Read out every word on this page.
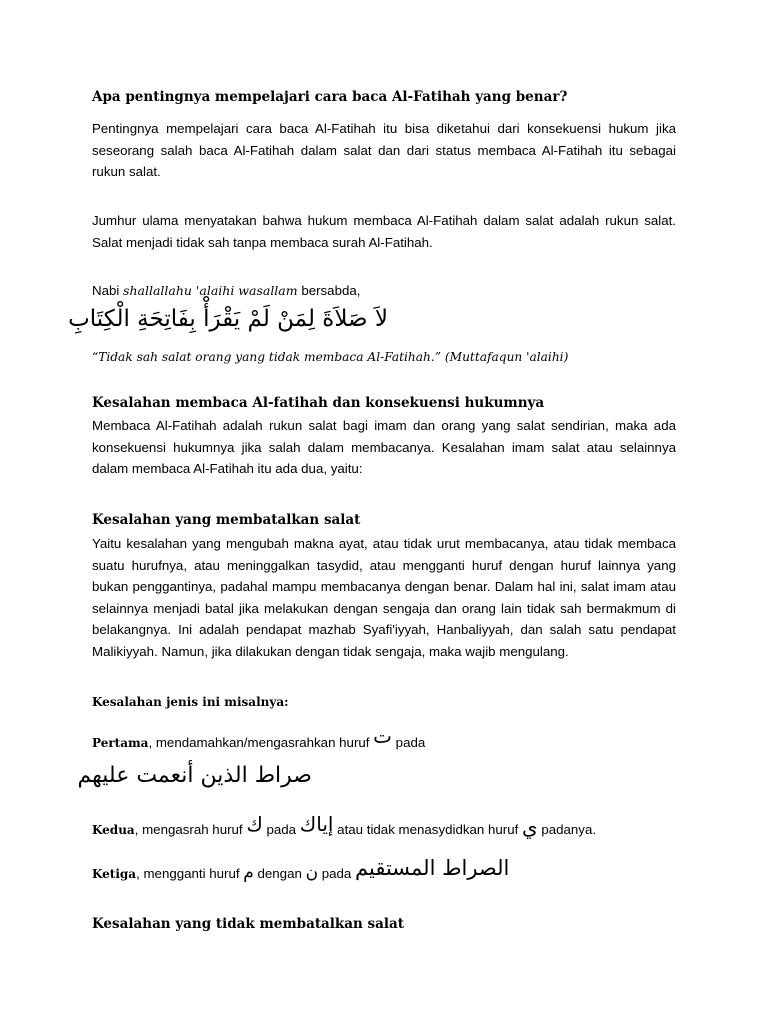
Apa pentingnya mempelajari cara baca Al-Fatihah yang benar?
Pentingnya mempelajari cara baca Al-Fatihah itu bisa diketahui dari konsekuensi hukum jika seseorang salah baca Al-Fatihah dalam salat dan dari status membaca Al-Fatihah itu sebagai rukun salat.
Jumhur ulama menyatakan bahwa hukum membaca Al-Fatihah dalam salat adalah rukun salat. Salat menjadi tidak sah tanpa membaca surah Al-Fatihah.
Nabi shallallahu 'alaihi wasallam bersabda,
لاَ صَلاَةَ لِمَنْ لَمْ يَقْرَأْ بِفَاتِحَةِ الْكِتَابِ
“Tidak sah salat orang yang tidak membaca Al-Fatihah.” (Muttafaqun 'alaihi)
Kesalahan membaca Al-fatihah dan konsekuensi hukumnya
Membaca Al-Fatihah adalah rukun salat bagi imam dan orang yang salat sendirian, maka ada konsekuensi hukumnya jika salah dalam membacanya. Kesalahan imam salat atau selainnya dalam membaca Al-Fatihah itu ada dua, yaitu:
Kesalahan yang membatalkan salat
Yaitu kesalahan yang mengubah makna ayat, atau tidak urut membacanya, atau tidak membaca suatu hurufnya, atau meninggalkan tasydid, atau mengganti huruf dengan huruf lainnya yang bukan penggantinya, padahal mampu membacanya dengan benar. Dalam hal ini, salat imam atau selainnya menjadi batal jika melakukan dengan sengaja dan orang lain tidak sah bermakmum di belakangnya. Ini adalah pendapat mazhab Syafi'iyyah, Hanbaliyyah, dan salah satu pendapat Malikiyyah. Namun, jika dilakukan dengan tidak sengaja, maka wajib mengulang.
Kesalahan jenis ini misalnya:
Pertama, mendamahkan/mengasrahkan huruf ت pada
صراط الذين أنعمت عليهم
Kedua, mengasrah huruf ك pada إياك atau tidak menasydidkan huruf ي padanya.
Ketiga, mengganti huruf م dengan ن pada الصراط المستقيم
Kesalahan yang tidak membatalkan salat
